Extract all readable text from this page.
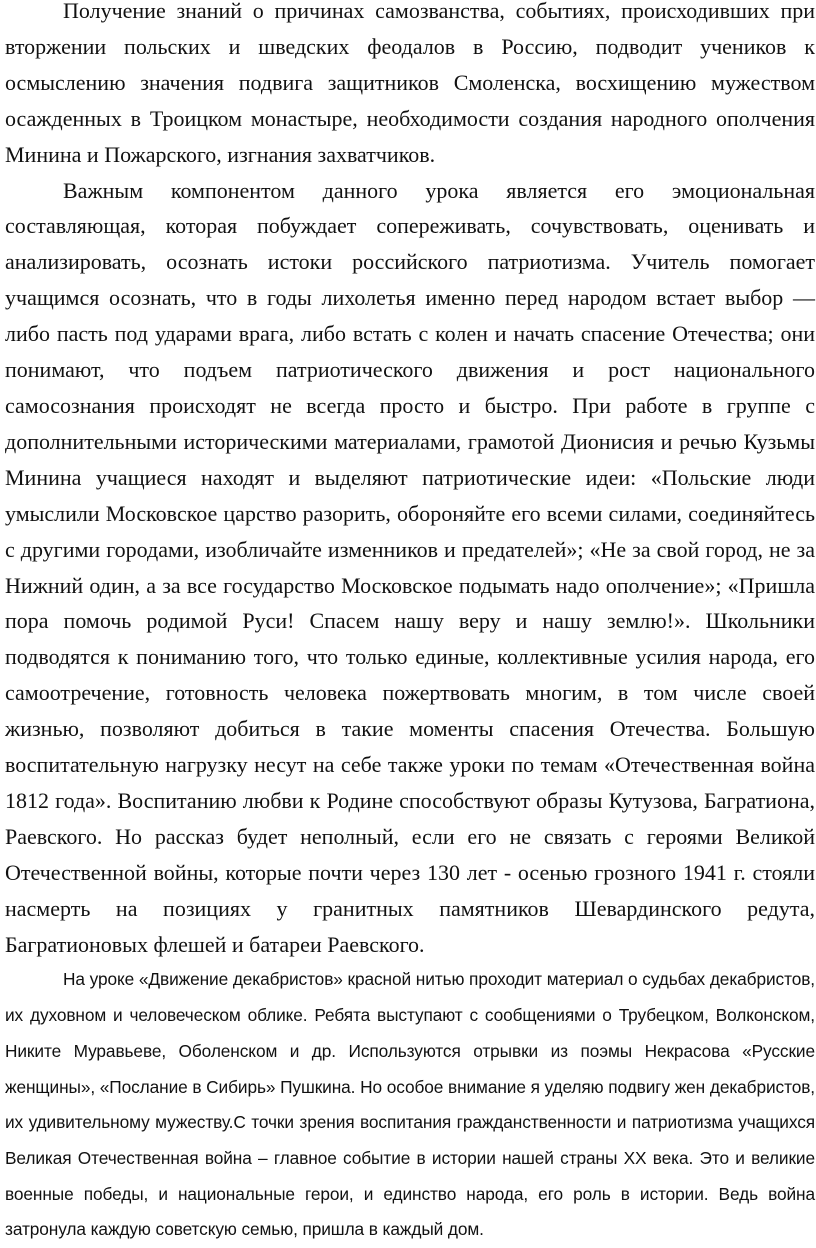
Получение знаний о причинах самозванства, событиях, происходивших при вторжении польских и шведских феодалов в Россию, подводит учеников к осмыслению значения подвига защитников Смоленска, восхищению мужеством осажденных в Троицком монастыре, необходимости создания народного ополчения Минина и Пожарского, изгнания захватчиков.

Важным компонентом данного урока является его эмоциональная составляющая, которая побуждает сопереживать, сочувствовать, оценивать и анализировать, осознать истоки российского патриотизма. Учитель помогает учащимся осознать, что в годы лихолетья именно перед народом встает выбор — либо пасть под ударами врага, либо встать с колен и начать спасение Отечества; они понимают, что подъем патриотического движения и рост национального самосознания происходят не всегда просто и быстро. При работе в группе с дополнительными историческими материалами, грамотой Дионисия и речью Кузьмы Минина учащиеся находят и выделяют патриотические идеи: «Польские люди умыслили Московское царство разорить, обороняйте его всеми силами, соединяйтесь с другими городами, изобличайте изменников и предателей»; «Не за свой город, не за Нижний один, а за все государство Московское подымать надо ополчение»; «Пришла пора помочь родимой Руси! Спасем нашу веру и нашу землю!». Школьники подводятся к пониманию того, что только единые, коллективные усилия народа, его самоотречение, готовность человека пожертвовать многим, в том числе своей жизнью, позволяют добиться в такие моменты спасения Отечества. Большую воспитательную нагрузку несут на себе также уроки по темам «Отечественная война 1812 года». Воспитанию любви к Родине способствуют образы Кутузова, Багратиона, Раевского. Но рассказ будет неполный, если его не связать с героями Великой Отечественной войны, которые почти через 130 лет - осенью грозного 1941 г. стояли насмерть на позициях у гранитных памятников Шевардинского редута, Багратионовых флешей и батареи Раевского.

На уроке «Движение декабристов» красной нитью проходит материал о судьбах декабристов, их духовном и человеческом облике. Ребята выступают с сообщениями о Трубецком, Волконском, Никите Муравьеве, Оболенском и др. Используются отрывки из поэмы Некрасова «Русские женщины», «Послание в Сибирь» Пушкина. Но особое внимание я уделяю подвигу жен декабристов, их удивительному мужеству.С точки зрения воспитания гражданственности и патриотизма учащихся Великая Отечественная война – главное событие в истории нашей страны XX века. Это и великие военные победы, и национальные герои, и единство народа, его роль в истории. Ведь война затронула каждую советскую семью, пришла в каждый дом.
